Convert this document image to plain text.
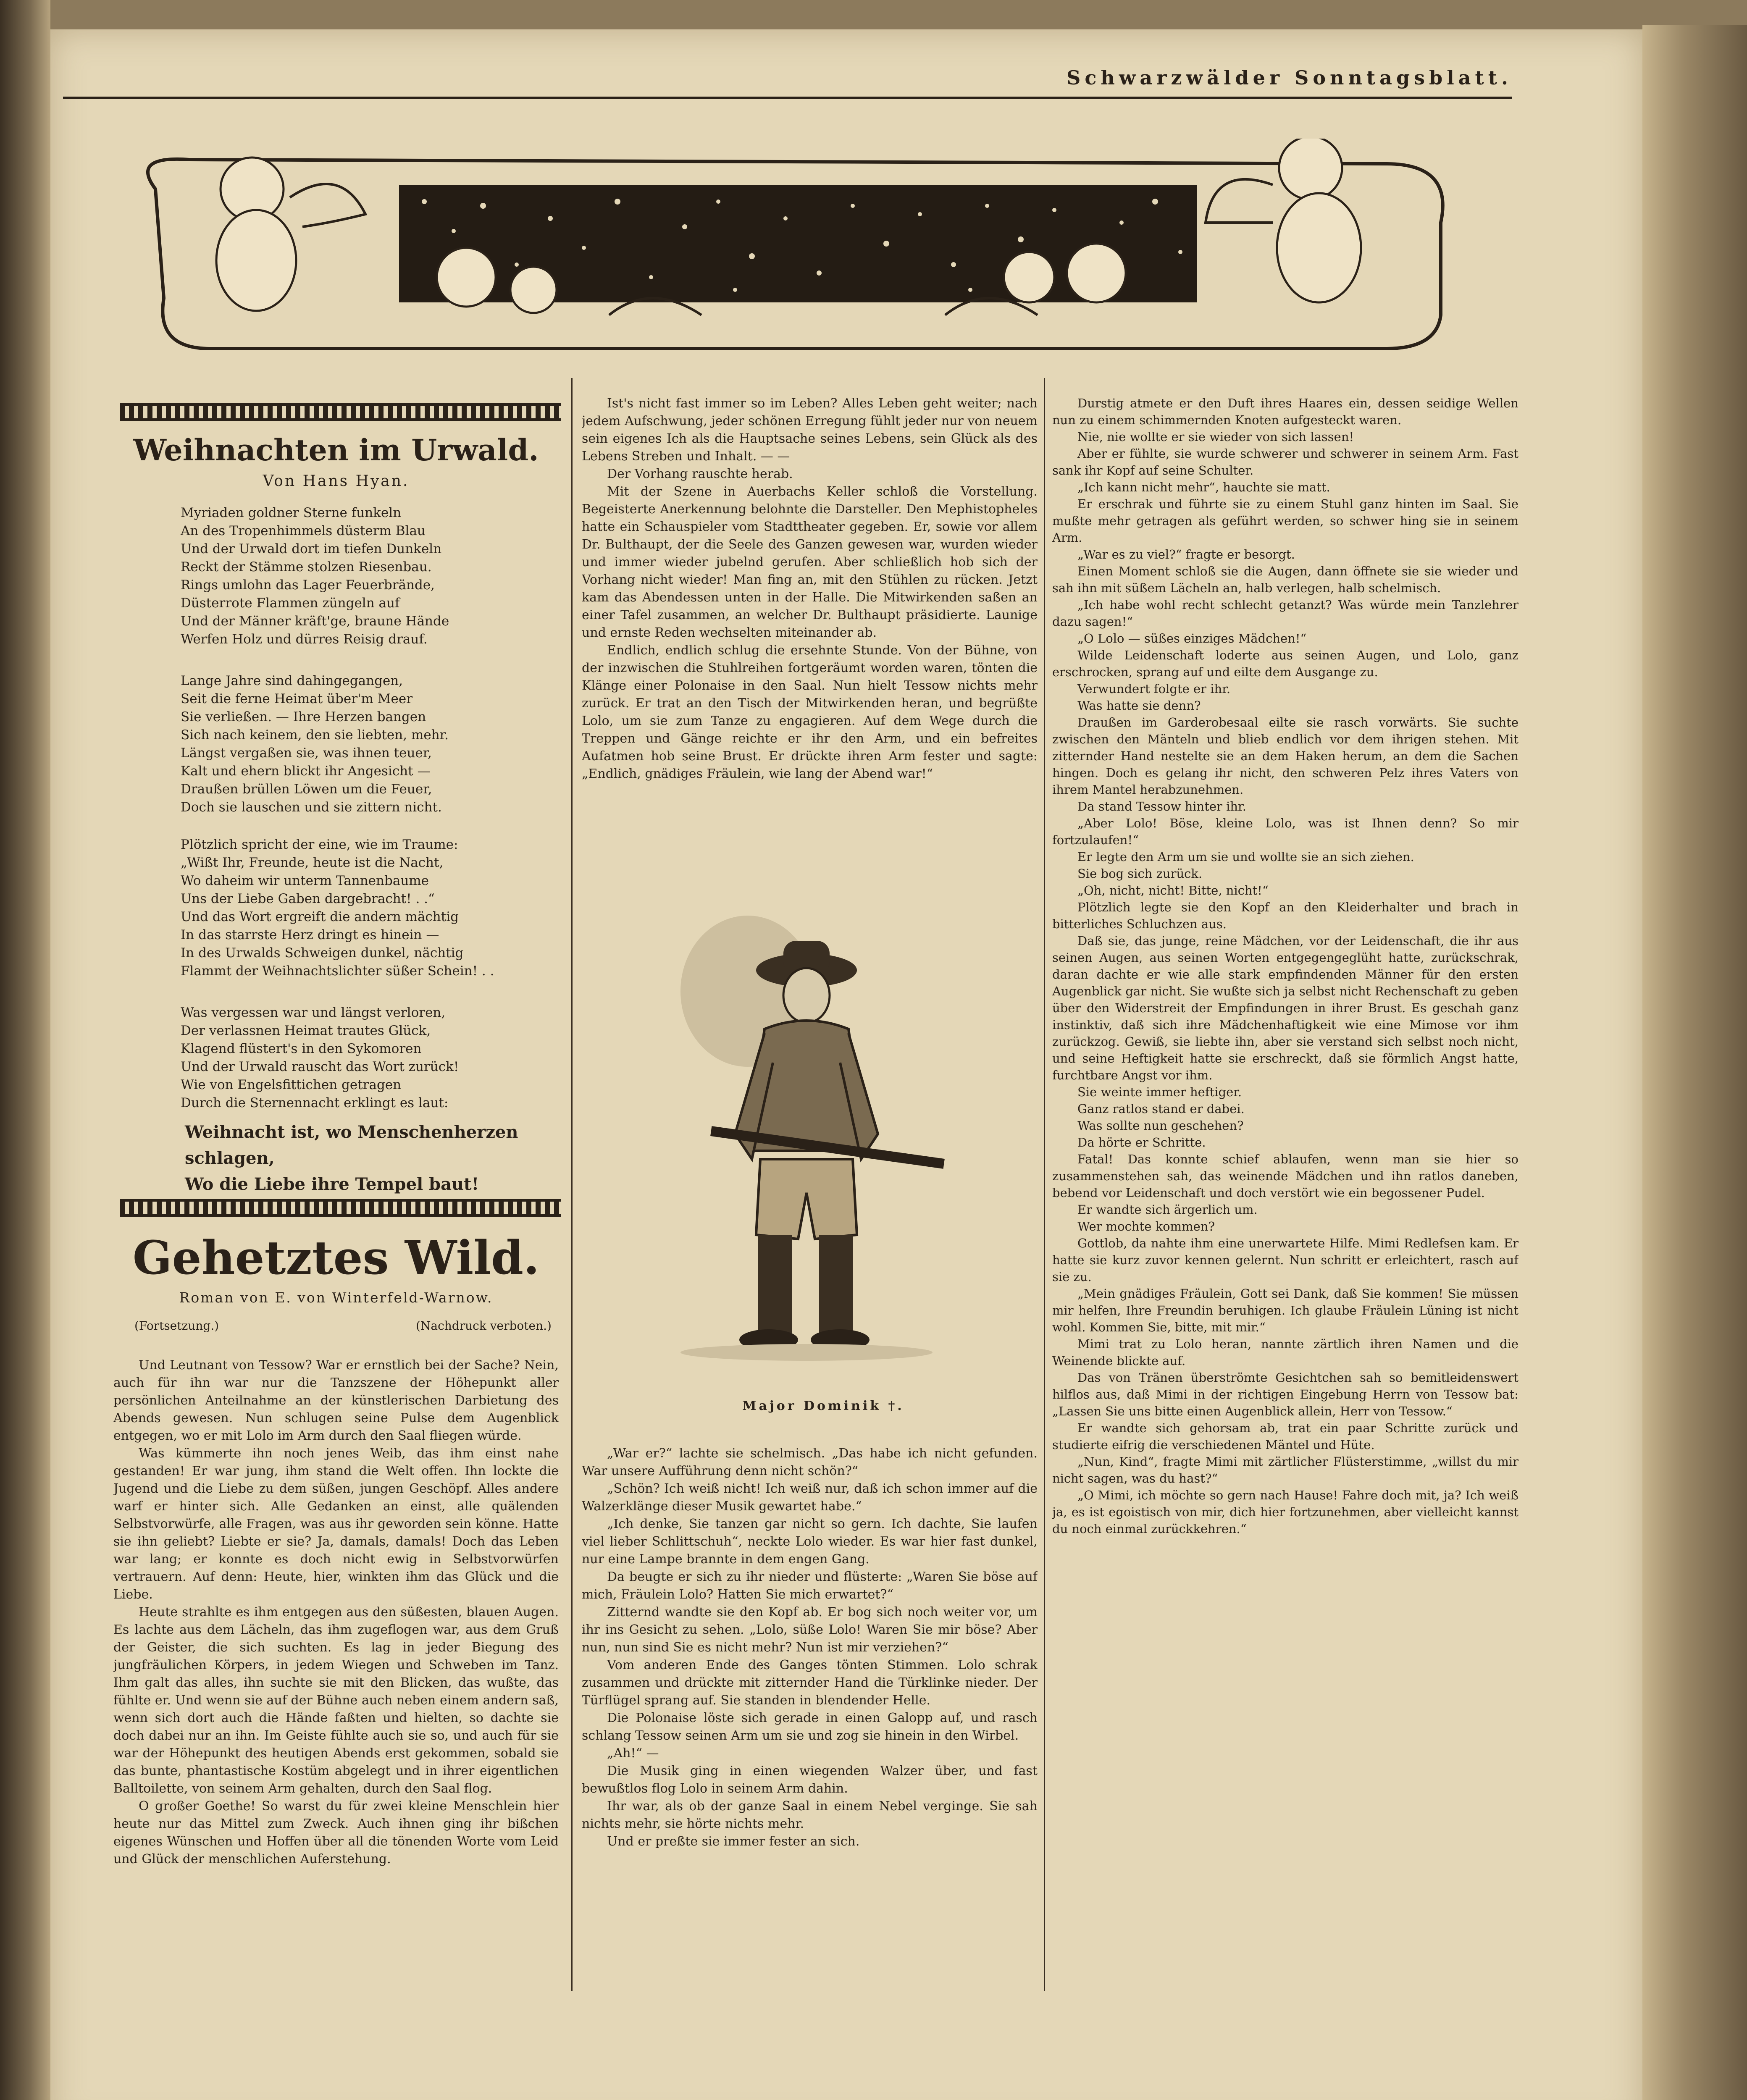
Schwarzwälder Sonntagsblatt.
Weihnachten im Urwald.
Von Hans Hyan.
Myriaden goldner Sterne funkeln
An des Tropenhimmels düsterm Blau
Und der Urwald dort im tiefen Dunkeln
Reckt der Stämme stolzen Riesenbau.
Rings umlohn das Lager Feuerbrände,
Düsterrote Flammen züngeln auf
Und der Männer kräft'ge, braune Hände
Werfen Holz und dürres Reisig drauf.
Lange Jahre sind dahingegangen,
Seit die ferne Heimat über'm Meer
Sie verließen. — Ihre Herzen bangen
Sich nach keinem, den sie liebten, mehr.
Längst vergaßen sie, was ihnen teuer,
Kalt und ehern blickt ihr Angesicht —
Draußen brüllen Löwen um die Feuer,
Doch sie lauschen und sie zittern nicht.
Plötzlich spricht der eine, wie im Traume:
„Wißt Ihr, Freunde, heute ist die Nacht,
Wo daheim wir unterm Tannenbaume
Uns der Liebe Gaben dargebracht! . .“
Und das Wort ergreift die andern mächtig
In das starrste Herz dringt es hinein —
In des Urwalds Schweigen dunkel, nächtig
Flammt der Weihnachtslichter süßer Schein! . .
Was vergessen war und längst verloren,
Der verlassnen Heimat trautes Glück,
Klagend flüstert's in den Sykomoren
Und der Urwald rauscht das Wort zurück!
Wie von Engelsfittichen getragen
Durch die Sternennacht erklingt es laut:
Weihnacht ist, wo Menschenherzen schlagen,
Wo die Liebe ihre Tempel baut!
Gehetztes Wild.
Roman von E. von Winterfeld-Warnow.
(Fortsetzung.)	(Nachdruck verboten.)

Und Leutnant von Tessow? War er ernstlich bei der Sache? Nein, auch für ihn war nur die Tanzszene der Höhepunkt aller persönlichen Anteilnahme an der künstlerischen Darbietung des Abends gewesen. Nun schlugen seine Pulse dem Augenblick entgegen, wo er mit Lolo im Arm durch den Saal fliegen würde.

Was kümmerte ihn noch jenes Weib, das ihm einst nahe gestanden! Er war jung, ihm stand die Welt offen. Ihn lockte die Jugend und die Liebe zu dem süßen, jungen Geschöpf. Alles andere warf er hinter sich. Alle Gedanken an einst, alle quälenden Selbstvorwürfe, alle Fragen, was aus ihr geworden sein könne. Hatte sie ihn geliebt? Liebte er sie? Ja, damals, damals! Doch das Leben war lang; er konnte es doch nicht ewig in Selbstvorwürfen vertrauern. Auf denn: Heute, hier, winkten ihm das Glück und die Liebe.

Heute strahlte es ihm entgegen aus den süßesten, blauen Augen. Es lachte aus dem Lächeln, das ihm zugeflogen war, aus dem Gruß der Geister, die sich suchten. Es lag in jeder Biegung des jungfräulichen Körpers, in jedem Wiegen und Schweben im Tanz. Ihm galt das alles, ihn suchte sie mit den Blicken, das wußte, das fühlte er. Und wenn sie auf der Bühne auch neben einem andern saß, wenn sich dort auch die Hände faßten und hielten, so dachte sie doch dabei nur an ihn. Im Geiste fühlte auch sie so, und auch für sie war der Höhepunkt des heutigen Abends erst gekommen, sobald sie das bunte, phantastische Kostüm abgelegt und in ihrer eigentlichen Balltoilette, von seinem Arm gehalten, durch den Saal flog.

O großer Goethe! So warst du für zwei kleine Menschlein hier heute nur das Mittel zum Zweck. Auch ihnen ging ihr bißchen eigenes Wünschen und Hoffen über all die tönenden Worte vom Leid und Glück der menschlichen Auferstehung.

Ist's nicht fast immer so im Leben? Alles Leben geht weiter; nach jedem Aufschwung, jeder schönen Erregung fühlt jeder nur von neuem sein eigenes Ich als die Hauptsache seines Lebens, sein Glück als des Lebens Streben und Inhalt. — —

Der Vorhang rauschte herab.

Mit der Szene in Auerbachs Keller schloß die Vorstellung. Begeisterte Anerkennung belohnte die Darsteller. Den Mephistopheles hatte ein Schauspieler vom Stadttheater gegeben. Er, sowie vor allem Dr. Bulthaupt, der die Seele des Ganzen gewesen war, wurden wieder und immer wieder jubelnd gerufen. Aber schließlich hob sich der Vorhang nicht wieder! Man fing an, mit den Stühlen zu rücken. Jetzt kam das Abendessen unten in der Halle. Die Mitwirkenden saßen an einer Tafel zusammen, an welcher Dr. Bulthaupt präsidierte. Launige und ernste Reden wechselten miteinander ab.

Endlich, endlich schlug die ersehnte Stunde. Von der Bühne, von der inzwischen die Stuhlreihen fortgeräumt worden waren, tönten die Klänge einer Polonaise in den Saal. Nun hielt Tessow nichts mehr zurück. Er trat an den Tisch der Mitwirkenden heran, und begrüßte Lolo, um sie zum Tanze zu engagieren. Auf dem Wege durch die Treppen und Gänge reichte er ihr den Arm, und ein befreites Aufatmen hob seine Brust. Er drückte ihren Arm fester und sagte: „Endlich, gnädiges Fräulein, wie lang der Abend war!“

Major Dominik †.

„War er?“ lachte sie schelmisch. „Das habe ich nicht gefunden. War unsere Aufführung denn nicht schön?“

„Schön? Ich weiß nicht! Ich weiß nur, daß ich schon immer auf die Walzerklänge dieser Musik gewartet habe.“

„Ich denke, Sie tanzen gar nicht so gern. Ich dachte, Sie laufen viel lieber Schlittschuh“, neckte Lolo wieder. Es war hier fast dunkel, nur eine Lampe brannte in dem engen Gang.

Da beugte er sich zu ihr nieder und flüsterte: „Waren Sie böse auf mich, Fräulein Lolo? Hatten Sie mich erwartet?“

Zitternd wandte sie den Kopf ab. Er bog sich noch weiter vor, um ihr ins Gesicht zu sehen. „Lolo, süße Lolo! Waren Sie mir böse? Aber nun, nun sind Sie es nicht mehr? Nun ist mir verziehen?“

Vom anderen Ende des Ganges tönten Stimmen. Lolo schrak zusammen und drückte mit zitternder Hand die Türklinke nieder. Der Türflügel sprang auf. Sie standen in blendender Helle.

Die Polonaise löste sich gerade in einen Galopp auf, und rasch schlang Tessow seinen Arm um sie und zog sie hinein in den Wirbel.

„Ah!“ —

Die Musik ging in einen wiegenden Walzer über, und fast bewußtlos flog Lolo in seinem Arm dahin.

Ihr war, als ob der ganze Saal in einem Nebel verginge. Sie sah nichts mehr, sie hörte nichts mehr.

Und er preßte sie immer fester an sich.

Durstig atmete er den Duft ihres Haares ein, dessen seidige Wellen nun zu einem schimmernden Knoten aufgesteckt waren.

Nie, nie wollte er sie wieder von sich lassen!

Aber er fühlte, sie wurde schwerer und schwerer in seinem Arm. Fast sank ihr Kopf auf seine Schulter.

„Ich kann nicht mehr“, hauchte sie matt.

Er erschrak und führte sie zu einem Stuhl ganz hinten im Saal. Sie mußte mehr getragen als geführt werden, so schwer hing sie in seinem Arm.

„War es zu viel?“ fragte er besorgt.

Einen Moment schloß sie die Augen, dann öffnete sie sie wieder und sah ihn mit süßem Lächeln an, halb verlegen, halb schelmisch.

„Ich habe wohl recht schlecht getanzt? Was würde mein Tanzlehrer dazu sagen!“

„O Lolo — süßes einziges Mädchen!“

Wilde Leidenschaft loderte aus seinen Augen, und Lolo, ganz erschrocken, sprang auf und eilte dem Ausgange zu.

Verwundert folgte er ihr.

Was hatte sie denn?

Draußen im Garderobesaal eilte sie rasch vorwärts. Sie suchte zwischen den Mänteln und blieb endlich vor dem ihrigen stehen. Mit zitternder Hand nestelte sie an dem Haken herum, an dem die Sachen hingen. Doch es gelang ihr nicht, den schweren Pelz ihres Vaters von ihrem Mantel herabzunehmen.

Da stand Tessow hinter ihr.

„Aber Lolo! Böse, kleine Lolo, was ist Ihnen denn? So mir fortzulaufen!“

Er legte den Arm um sie und wollte sie an sich ziehen.

Sie bog sich zurück.

„Oh, nicht, nicht! Bitte, nicht!“

Plötzlich legte sie den Kopf an den Kleiderhalter und brach in bitterliches Schluchzen aus.

Daß sie, das junge, reine Mädchen, vor der Leidenschaft, die ihr aus seinen Augen, aus seinen Worten entgegengeglüht hatte, zurückschrak, daran dachte er wie alle stark empfindenden Männer für den ersten Augenblick gar nicht. Sie wußte sich ja selbst nicht Rechenschaft zu geben über den Widerstreit der Empfindungen in ihrer Brust. Es geschah ganz instinktiv, daß sich ihre Mädchenhaftigkeit wie eine Mimose vor ihm zurückzog. Gewiß, sie liebte ihn, aber sie verstand sich selbst noch nicht, und seine Heftigkeit hatte sie erschreckt, daß sie förmlich Angst hatte, furchtbare Angst vor ihm.

Sie weinte immer heftiger.

Ganz ratlos stand er dabei.

Was sollte nun geschehen?

Da hörte er Schritte.

Fatal! Das konnte schief ablaufen, wenn man sie hier so zusammenstehen sah, das weinende Mädchen und ihn ratlos daneben, bebend vor Leidenschaft und doch verstört wie ein begossener Pudel.

Er wandte sich ärgerlich um.

Wer mochte kommen?

Gottlob, da nahte ihm eine unerwartete Hilfe. Mimi Redlefsen kam. Er hatte sie kurz zuvor kennen gelernt. Nun schritt er erleichtert, rasch auf sie zu.

„Mein gnädiges Fräulein, Gott sei Dank, daß Sie kommen! Sie müssen mir helfen, Ihre Freundin beruhigen. Ich glaube Fräulein Lüning ist nicht wohl. Kommen Sie, bitte, mit mir.“

Mimi trat zu Lolo heran, nannte zärtlich ihren Namen und die Weinende blickte auf.

Das von Tränen überströmte Gesichtchen sah so bemitleidenswert hilflos aus, daß Mimi in der richtigen Eingebung Herrn von Tessow bat: „Lassen Sie uns bitte einen Augenblick allein, Herr von Tessow.“

Er wandte sich gehorsam ab, trat ein paar Schritte zurück und studierte eifrig die verschiedenen Mäntel und Hüte.

„Nun, Kind“, fragte Mimi mit zärtlicher Flüsterstimme, „willst du mir nicht sagen, was du hast?“

„O Mimi, ich möchte so gern nach Hause! Fahre doch mit, ja? Ich weiß ja, es ist egoistisch von mir, dich hier fortzunehmen, aber vielleicht kannst du noch einmal zurückkehren.“
